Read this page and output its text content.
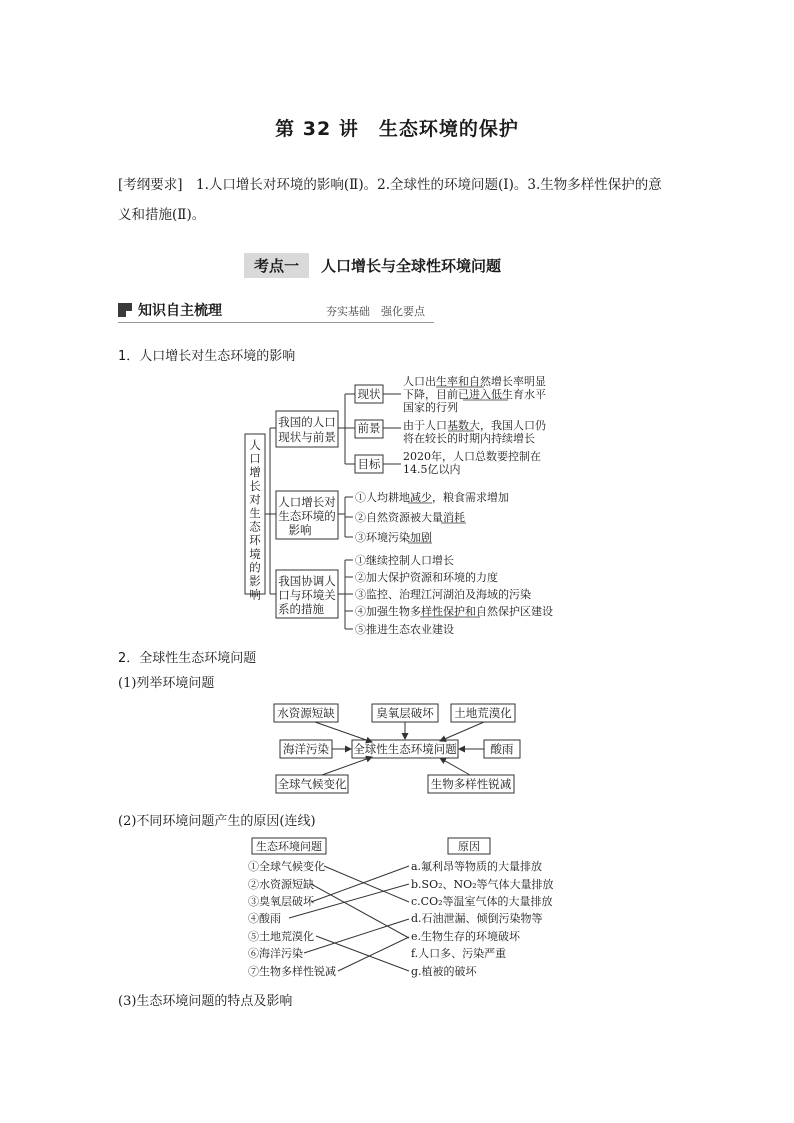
第 32 讲　生态环境的保护
[考纲要求]　1.人口增长对环境的影响(Ⅱ)。2.全球性的环境问题(Ⅰ)。3.生物多样性保护的意
义和措施(Ⅱ)。
考点一	人口增长与全球性环境问题
知识自主梳理	夯实基础　强化要点
1．人口增长对生态环境的影响
人口增长对生态环境的影响
我国的人口
现状与前景
人口增长对
生态环境的
影响
我国协调人
口与环境关
系的措施
现状
前景
目标
人口出生率和自然增长率明显
下降，目前已进入低生育水平
国家的行列
由于人口基数大，我国人口仍
将在较长的时期内持续增长
2020年，人口总数要控制在
14.5亿以内
①人均耕地减少，粮食需求增加
②自然资源被大量消耗
③环境污染加剧
①继续控制人口增长
②加大保护资源和环境的力度
③监控、治理江河湖泊及海域的污染
④加强生物多样性保护和自然保护区建设
⑤推进生态农业建设
2．全球性生态环境问题
(1)列举环境问题
水资源短缺	臭氧层破坏 土地荒漠化
海洋污染 全球性生态环境问题	酸雨
全球气候变化	生物多样性锐减
(2)不同环境问题产生的原因(连线)
生态环境问题	原因
①全球气候变化
②水资源短缺
③臭氧层破坏
④酸雨
⑤土地荒漠化
⑥海洋污染
⑦生物多样性锐减
a.氟利昂等物质的大量排放
b.SO₂、NO₂等气体大量排放
c.CO₂等温室气体的大量排放
d.石油泄漏、倾倒污染物等
e.生物生存的环境破坏
f.人口多、污染严重
g.植被的破坏
(3)生态环境问题的特点及影响
